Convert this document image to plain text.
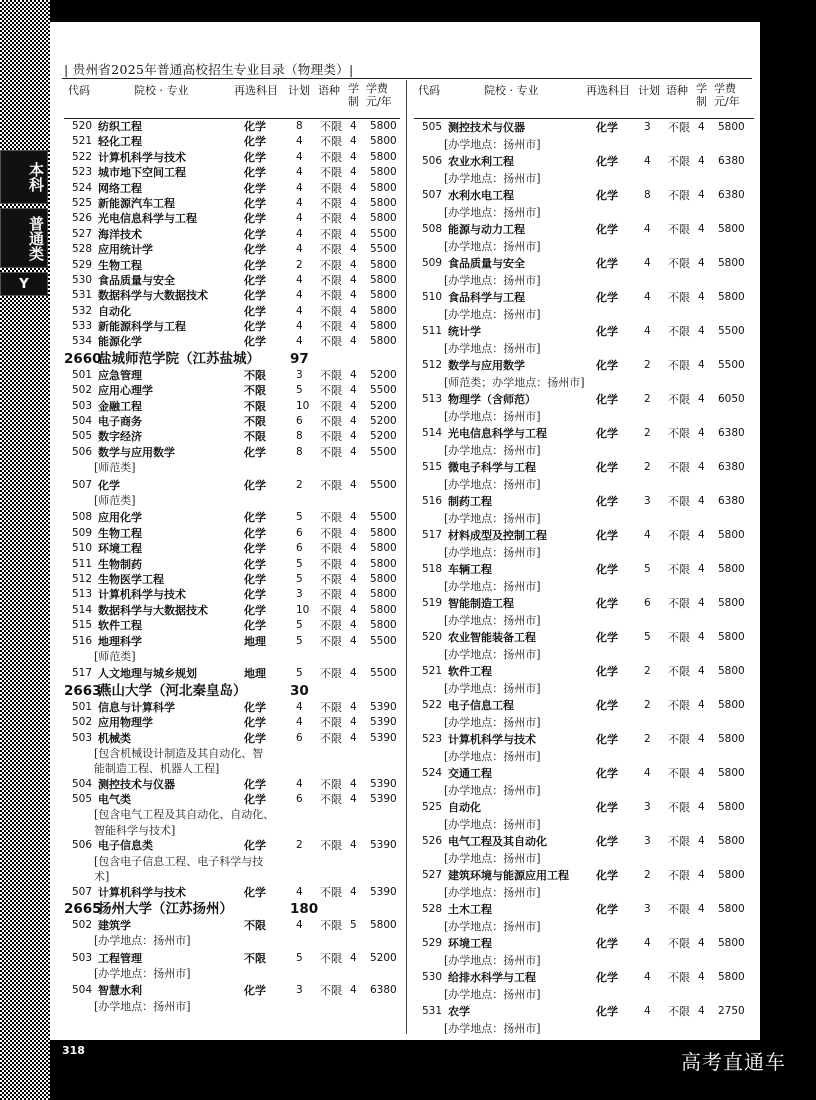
本科
普通类
Y
| 贵州省2025年普通高校招生专业目录（物理类）|
代码	院校 · 专业	再选科目 计划 语种 学制
学费元/年
520 纺织工程	化学	8 不限 4 5800
521 轻化工程	化学	4 不限 4 5800
522 计算机科学与技术	化学	4 不限 4 5800
523 城市地下空间工程	化学	4 不限 4 5800
524 网络工程	化学	4 不限 4 5800
525 新能源汽车工程	化学	4 不限 4 5800
526 光电信息科学与工程	化学	4 不限 4 5800
527 海洋技术	化学	4 不限 4 5500
528 应用统计学	化学	4 不限 4 5500
529 生物工程	化学	2 不限 4 5800
530 食品质量与安全	化学	4 不限 4 5800
531 数据科学与大数据技术	化学	4 不限 4 5800
532 自动化	化学	4 不限 4 5800
533 新能源科学与工程	化学	4 不限 4 5800
534 能源化学	化学	4 不限 4 5800
2660
盐城师范学院（江苏盐城） 97
501 应急管理	不限	3 不限 4 5200
502 应用心理学	不限	5 不限 4 5500
503 金融工程	不限	10 不限 4 5200
504 电子商务	不限	6 不限 4 5200
505 数字经济	不限	8 不限 4 5200
506 数学与应用数学	化学	8 不限 4 5500
[师范类]
507 化学	化学	2 不限 4 5500
[师范类]
508 应用化学	化学	5 不限 4 5500
509 生物工程	化学	6 不限 4 5800
510 环境工程	化学	6 不限 4 5800
511 生物制药	化学	5 不限 4 5800
512 生物医学工程	化学	5 不限 4 5800
513 计算机科学与技术	化学	3 不限 4 5800
514 数据科学与大数据技术	化学	10 不限 4 5800
515 软件工程	化学	5 不限 4 5800
516 地理科学	地理	5 不限 4 5500
[师范类]
517 人文地理与城乡规划	地理	5 不限 4 5500
2663
燕山大学（河北秦皇岛）	30
501 信息与计算科学	化学	4 不限 4 5390
502 应用物理学	化学	4 不限 4 5390
503 机械类	化学	6 不限 4 5390
[包含机械设计制造及其自动化、智
能制造工程、机器人工程]
504 测控技术与仪器	化学	4 不限 4 5390
505 电气类	化学	6 不限 4 5390
[包含电气工程及其自动化、自动化、
智能科学与技术]
506 电子信息类	化学	2 不限 4 5390
[包含电子信息工程、电子科学与技
术]
507 计算机科学与技术	化学	4 不限 4 5390
2665
扬州大学（江苏扬州）	180
502 建筑学	不限	4 不限 5 5800
[办学地点：扬州市]
503 工程管理	不限	5 不限 4 5200
[办学地点：扬州市]
504 智慧水利	化学	3 不限 4 6380
[办学地点：扬州市]
代码	院校 · 专业	再选科目 计划 语种 学制
学费元/年
505 测控技术与仪器	化学 3 不限 4 5800
[办学地点：扬州市]
506 农业水利工程	化学 4 不限 4 6380
[办学地点：扬州市]
507 水利水电工程	化学 8 不限 4 6380
[办学地点：扬州市]
508 能源与动力工程	化学 4 不限 4 5800
[办学地点：扬州市]
509 食品质量与安全	化学 4 不限 4 5800
[办学地点：扬州市]
510 食品科学与工程	化学 4 不限 4 5800
[办学地点：扬州市]
511 统计学	化学 4 不限 4 5500
[办学地点：扬州市]
512 数学与应用数学	化学 2 不限 4 5500
[师范类；办学地点：扬州市]
513 物理学（含师范）	化学 2 不限 4 6050
[办学地点：扬州市]
514 光电信息科学与工程	化学 2 不限 4 6380
[办学地点：扬州市]
515 微电子科学与工程	化学 2 不限 4 6380
[办学地点：扬州市]
516 制药工程	化学 3 不限 4 6380
[办学地点：扬州市]
517 材料成型及控制工程	化学 4 不限 4 5800
[办学地点：扬州市]
518 车辆工程	化学 5 不限 4 5800
[办学地点：扬州市]
519 智能制造工程	化学 6 不限 4 5800
[办学地点：扬州市]
520 农业智能装备工程	化学 5 不限 4 5800
[办学地点：扬州市]
521 软件工程	化学 2 不限 4 5800
[办学地点：扬州市]
522 电子信息工程	化学 2 不限 4 5800
[办学地点：扬州市]
523 计算机科学与技术	化学 2 不限 4 5800
[办学地点：扬州市]
524 交通工程	化学 4 不限 4 5800
[办学地点：扬州市]
525 自动化	化学 3 不限 4 5800
[办学地点：扬州市]
526 电气工程及其自动化	化学 3 不限 4 5800
[办学地点：扬州市]
527 建筑环境与能源应用工程 化学 2 不限 4 5800
[办学地点：扬州市]
528 土木工程	化学 3 不限 4 5800
[办学地点：扬州市]
529 环境工程	化学 4 不限 4 5800
[办学地点：扬州市]
530 给排水科学与工程	化学 4 不限 4 5800
[办学地点：扬州市]
531 农学	化学 4 不限 4 2750
[办学地点：扬州市]
318	高考直通车
